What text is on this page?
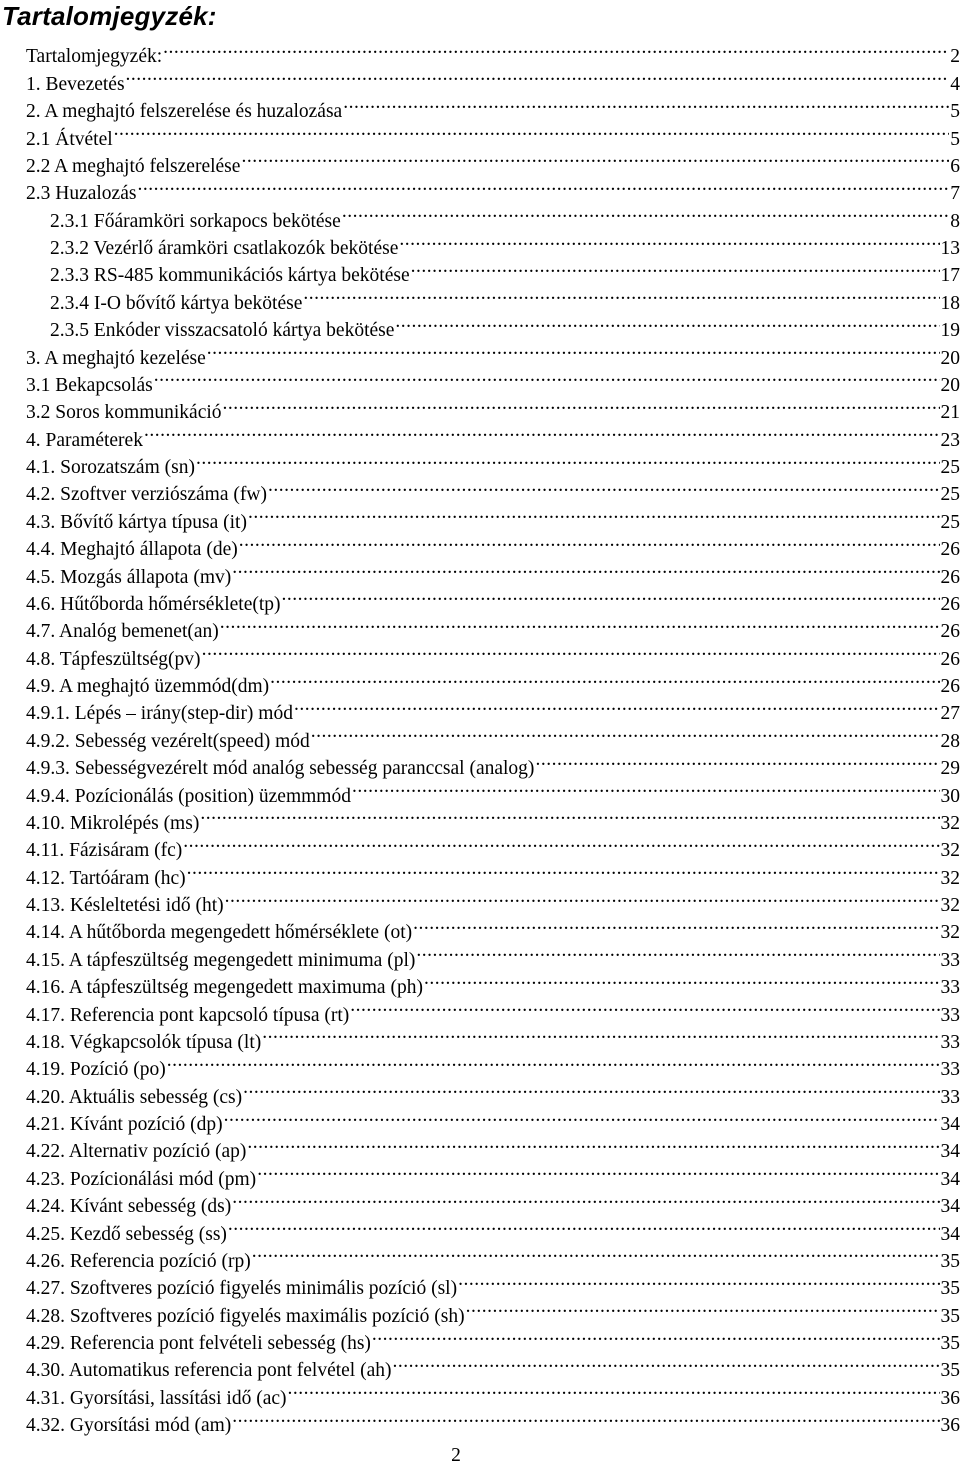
Tartalomjegyzék:
Tartalomjegyzék: .....	2
1. Bevezetés .....	4
2. A meghajtó felszerelése és huzalozása .....	5
2.1 Átvétel .....	5
2.2 A meghajtó felszerelése .....	6
2.3 Huzalozás .....	7
2.3.1 Főáramköri sorkapocs bekötése .....	8
2.3.2 Vezérlő áramköri csatlakozók bekötése .....	13
2.3.3 RS-485 kommunikációs kártya bekötése .....	17
2.3.4 I-O bővítő kártya bekötése .....	18
2.3.5 Enkóder visszacsatoló kártya bekötése .....	19
3. A meghajtó kezelése .....	20
3.1 Bekapcsolás .....	20
3.2 Soros kommunikáció .....	21
4. Paraméterek .....	23
4.1. Sorozatszám (sn) .....	25
4.2. Szoftver verziószáma (fw) .....	25
4.3. Bővítő kártya típusa (it) .....	25
4.4. Meghajtó állapota (de) .....	26
4.5. Mozgás állapota (mv) .....	26
4.6. Hűtőborda hőmérséklete(tp) .....	26
4.7. Analóg bemenet(an) .....	26
4.8. Tápfeszültség(pv) .....	26
4.9. A meghajtó üzemmód(dm) .....	26
4.9.1. Lépés – irány(step-dir) mód .....	27
4.9.2. Sebesség vezérelt(speed) mód .....	28
4.9.3. Sebességvezérelt mód analóg sebesség paranccsal (analog) .....	29
4.9.4. Pozícionálás (position) üzemmmód .....	30
4.10. Mikrolépés (ms) .....	32
4.11. Fázisáram (fc) .....	32
4.12. Tartóáram (hc) .....	32
4.13. Késleltetési idő (ht) .....	32
4.14. A hűtőborda megengedett hőmérséklete (ot) .....	32
4.15. A tápfeszültség megengedett minimuma (pl) .....	33
4.16. A tápfeszültség megengedett maximuma (ph) .....	33
4.17. Referencia pont kapcsoló típusa (rt) .....	33
4.18. Végkapcsolók típusa (lt) .....	33
4.19. Pozíció (po) .....	33
4.20. Aktuális sebesség (cs) .....	33
4.21. Kívánt pozíció (dp) .....	34
4.22. Alternativ pozíció (ap) .....	34
4.23. Pozícionálási mód (pm) .....	34
4.24. Kívánt sebesség (ds) .....	34
4.25. Kezdő sebesség (ss) .....	34
4.26. Referencia pozíció (rp) .....	35
4.27. Szoftveres pozíció figyelés minimális pozíció (sl) .....	35
4.28. Szoftveres pozíció figyelés maximális pozíció (sh) .....	35
4.29. Referencia pont felvételi sebesség (hs) .....	35
4.30. Automatikus referencia pont felvétel (ah) .....	35
4.31. Gyorsítási, lassítási idő (ac) .....	36
4.32. Gyorsítási mód (am) .....	36

2
